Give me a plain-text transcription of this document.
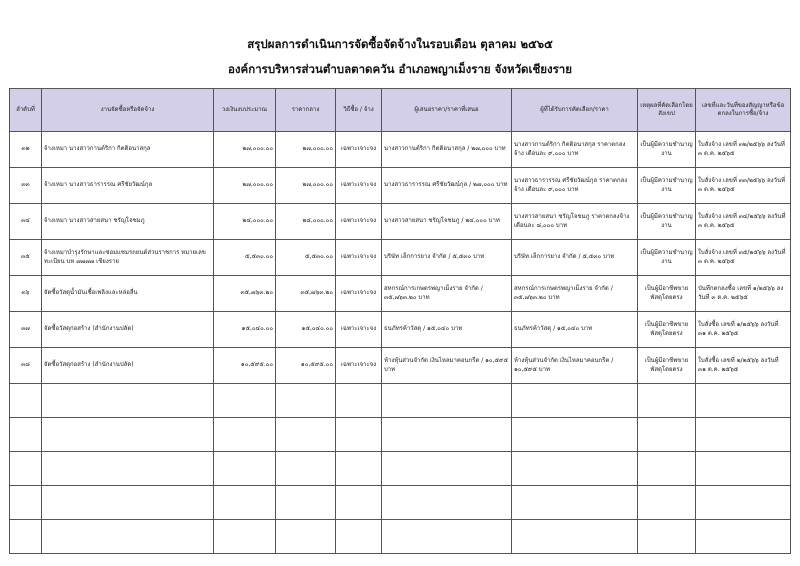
สรุปผลการดำเนินการจัดซื้อจัดจ้างในรอบเดือน ตุลาคม ๒๕๖๕
องค์การบริหารส่วนตำบลตาดควัน อำเภอพญาเม็งราย จังหวัดเชียงราย
ลำดับที่	งานจัดซื้อหรือจัดจ้าง	วงเงินงบประมาณ	ราคากลาง	วิธีซื้อ / จ้าง	ผู้เสนอราคา/ราคาที่เสนอ	ผู้ที่ได้รับการคัดเลือก/ราคา	เหตุผลที่คัดเลือกโดยสังเขป	เลขที่และวันที่ของสัญญาหรือข้อตกลงในการซื้อ/จ้าง
๓๒	จ้างเหมา นางสาวกานต์ริกา กิตติอนาสกุล	๒๗,๐๐๐.๐๐	๒๗,๐๐๐.๐๐	เฉพาะเจาะจง	นางสาวกานต์ริกา กิตติอนาสกุล / ๒๗,๐๐๐ บาท	นางสาวกานต์ริกา กิตติอนาสกุล ราคาตกลงจ้าง เดือนละ ๙,๐๐๐ บาท	เป็นผู้มีความชำนาญงาน	ใบสั่งจ้าง เลขที่ ๓๒/๒๕๖๖ ลงวันที่ ๓ ต.ค. ๒๕๖๕
๓๓	จ้างเหมา นางสาวธารารรณ ศรีชัยวัฒน์กุล	๒๗,๐๐๐.๐๐	๒๗,๐๐๐.๐๐	เฉพาะเจาะจง	นางสาวธารารรณ ศรีชัยวัฒน์กุล / ๒๗,๐๐๐ บาท	นางสาวธารารรณ ศรีชัยวัฒน์กุล ราคาตกลงจ้าง เดือนละ ๙,๐๐๐ บาท	เป็นผู้มีความชำนาญงาน	ใบสั่งจ้าง เลขที่ ๓๓/๒๕๖๖ ลงวันที่ ๓ ต.ค. ๒๕๖๕
๓๔	จ้างเหมา นางสาวสายสนา ชรัญโจชมภู	๒๔,๐๐๐.๐๐	๒๔,๐๐๐.๐๐	เฉพาะเจาะจง	นางสาวสายสนา ชรัญโจชมภู / ๒๔,๐๐๐ บาท	นางสาวสายสนา ชรัญโจชมภู ราคาตกลงจ้าง เดือนละ ๘,๐๐๐ บาท	เป็นผู้มีความชำนาญงาน	ใบสั่งจ้าง เลขที่ ๓๔/๒๕๖๖ ลงวันที่ ๓ ต.ค. ๒๕๖๕
๓๕	จ้างเหมาบำรุงรักษาและซ่อมแซมรถยนต์ส่วนราชการ หมายเลขทะเบียน บห ๗๗๗๗ เชียงราย	๕,๕๓๐.๐๐	๕,๕๓๐.๐๐	เฉพาะเจาะจง	บริษัท เล็กการยาง จำกัด / ๕,๕๓๐ บาท	บริษัท เล็กการยาง จำกัด / ๕,๕๓๐ บาท	เป็นผู้มีความชำนาญงาน	ใบสั่งจ้าง เลขที่ ๓๕/๒๕๖๖ ลงวันที่ ๓ ต.ค. ๒๕๖๕
๓๖	จัดซื้อวัสดุน้ำมันเชื้อเพลิงและหล่อลื่น	๓๕,๗๖๓.๒๐	๓๕,๗๖๓.๒๐	เฉพาะเจาะจง	สหกรณ์การเกษตรพญาเม็งราย จำกัด / ๓๕,๗๖๓.๒๐ บาท	สหกรณ์การเกษตรพญาเม็งราย จำกัด / ๓๕,๗๖๓.๒๐ บาท	เป็นผู้มีอาชีพขายพัสดุโดยตรง	บันทึกตกลงซื้อ เลขที่ ๑/๒๕๖๖ ลงวันที่ ๓ ต.ค. ๒๕๖๕
๓๗	จัดซื้อวัสดุก่อสร้าง (สำนักงานปลัด)	๑๕,๐๔๐.๐๐	๑๕,๐๔๐.๐๐	เฉพาะเจาะจง	ธนภัทรค้าวัสดุ / ๑๕,๐๔๐ บาท	ธนภัทรค้าวัสดุ / ๑๕,๐๔๐ บาท	เป็นผู้มีอาชีพขายพัสดุโดยตรง	ใบสั่งซื้อ เลขที่ ๑/๒๕๖๖ ลงวันที่ ๓๑ ต.ค. ๒๕๖๕
๓๘	จัดซื้อวัสดุก่อสร้าง (สำนักงานปลัด)	๑๐,๕๙๕.๐๐	๑๐,๕๙๕.๐๐	เฉพาะเจาะจง	ห้างหุ้นส่วนจำกัด เงินไหลมาคอนกรีต / ๑๐,๕๙๕ บาท	ห้างหุ้นส่วนจำกัด เงินไหลมาคอนกรีต / ๑๐,๕๙๕ บาท	เป็นผู้มีอาชีพขายพัสดุโดยตรง	ใบสั่งซื้อ เลขที่ ๒/๒๕๖๖ ลงวันที่ ๓๑ ต.ค. ๒๕๖๕
